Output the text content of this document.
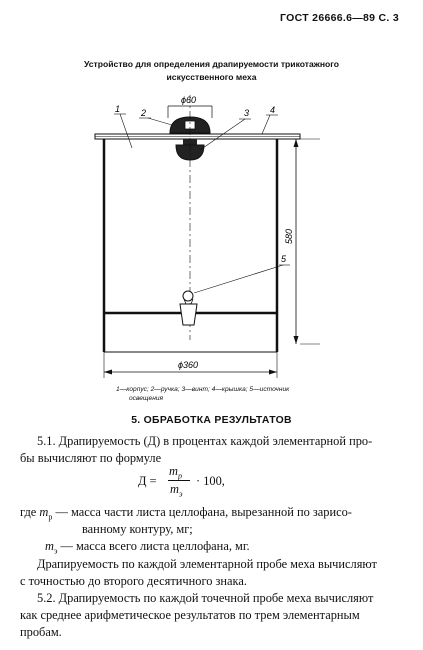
ГОСТ 26666.6—89 С. 3
Устройство для определения драпируемости трикотажного
искусственного меха
ϕ60
1 2	3 4
5
580
ϕ360
1—корпус; 2—ручка; 3—винт; 4—крышка; 5—источник
освещения
5. ОБРАБОТКА РЕЗУЛЬТАТОВ
5.1. Драпируемость (Д) в процентах каждой элементарной про-
бы вычисляют по формуле
Д =
$m_р$
$m_э$
· 100,
где $m_р$ — масса части листа целлофана, вырезанной по зарисо-
ванному контуру, мг;
$m_э$ — масса всего листа целлофана, мг.
Драпируемость по каждой элементарной пробе меха вычисляют
с точностью до второго десятичного знака.
5.2. Драпируемость по каждой точечной пробе меха вычисляют
как среднее арифметическое результатов по трем элементарным
пробам.
